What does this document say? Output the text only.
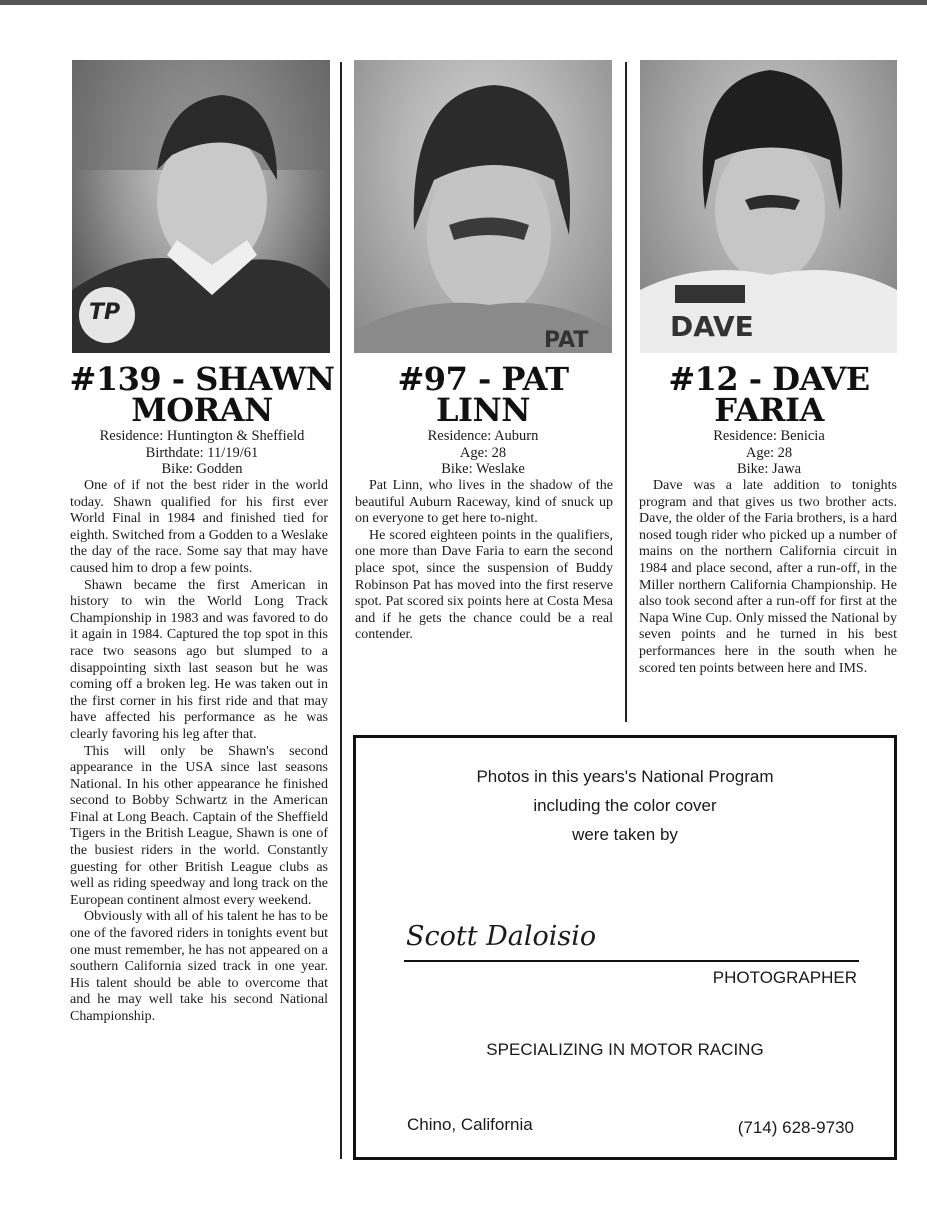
TP
PAT	DAVE
#139 - SHAWN MORAN
Residence: Huntington & Sheffield
Birthdate: 11/19/61
Bike: Godden

One of if not the best rider in the world today. Shawn qualified for his first ever World Final in 1984 and finished tied for eighth. Switched from a Godden to a Weslake the day of the race. Some say that may have caused him to drop a few points.

Shawn became the first American in history to win the World Long Track Championship in 1983 and was favored to do it again in 1984. Captured the top spot in this race two seasons ago but slumped to a disappointing sixth last season but he was coming off a broken leg. He was taken out in the first corner in his first ride and that may have affected his performance as he was clearly favoring his leg after that.

This will only be Shawn's second appearance in the USA since last seasons National. In his other appearance he finished second to Bobby Schwartz in the American Final at Long Beach. Captain of the Sheffield Tigers in the British League, Shawn is one of the busiest riders in the world. Constantly guesting for other British League clubs as well as riding speedway and long track on the European continent almost every weekend.

Obviously with all of his talent he has to be one of the favored riders in tonights event but one must remember, he has not appeared on a southern California sized track in one year. His talent should be able to overcome that and he may well take his second National Championship.

#97 - PAT LINN
Residence: Auburn
Age: 28
Bike: Weslake

Pat Linn, who lives in the shadow of the beautiful Auburn Raceway, kind of snuck up on everyone to get here to-night.

He scored eighteen points in the qualifiers, one more than Dave Faria to earn the second place spot, since the suspension of Buddy Robinson Pat has moved into the first reserve spot. Pat scored six points here at Costa Mesa and if he gets the chance could be a real contender.

#12 - DAVE FARIA
Residence: Benicia
Age: 28
Bike: Jawa

Dave was a late addition to tonights program and that gives us two brother acts. Dave, the older of the Faria brothers, is a hard nosed tough rider who picked up a number of mains on the northern California circuit in 1984 and place second, after a run-off, in the Miller northern California Championship. He also took second after a run-off for first at the Napa Wine Cup. Only missed the National by seven points and he turned in his best performances here in the south when he scored ten points between here and IMS.

Photos in this years's National Program
including the color cover
were taken by
Scott Daloisio
PHOTOGRAPHER
SPECIALIZING IN MOTOR RACING
Chino, California	(714) 628-9730
